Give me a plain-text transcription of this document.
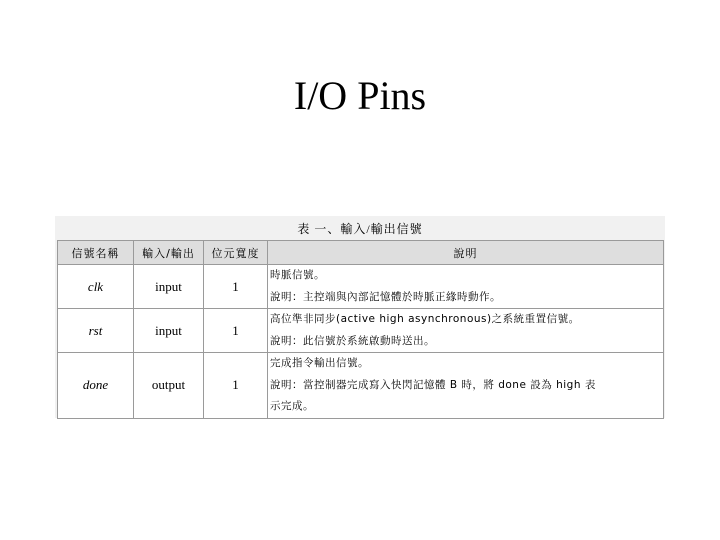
I/O Pins
表 一、輸入/輸出信號
信號名稱	輸入/輸出	位元寬度	說明
clk	input	1	時脈信號。
說明：主控端與內部記憶體於時脈正緣時動作。

rst	input	1	高位準非同步(active high asynchronous)之系統重置信號。
說明：此信號於系統啟動時送出。

done	output	1	完成指令輸出信號。
說明：當控制器完成寫入快閃記憶體 B 時，將 done 設為 high 表
示完成。
